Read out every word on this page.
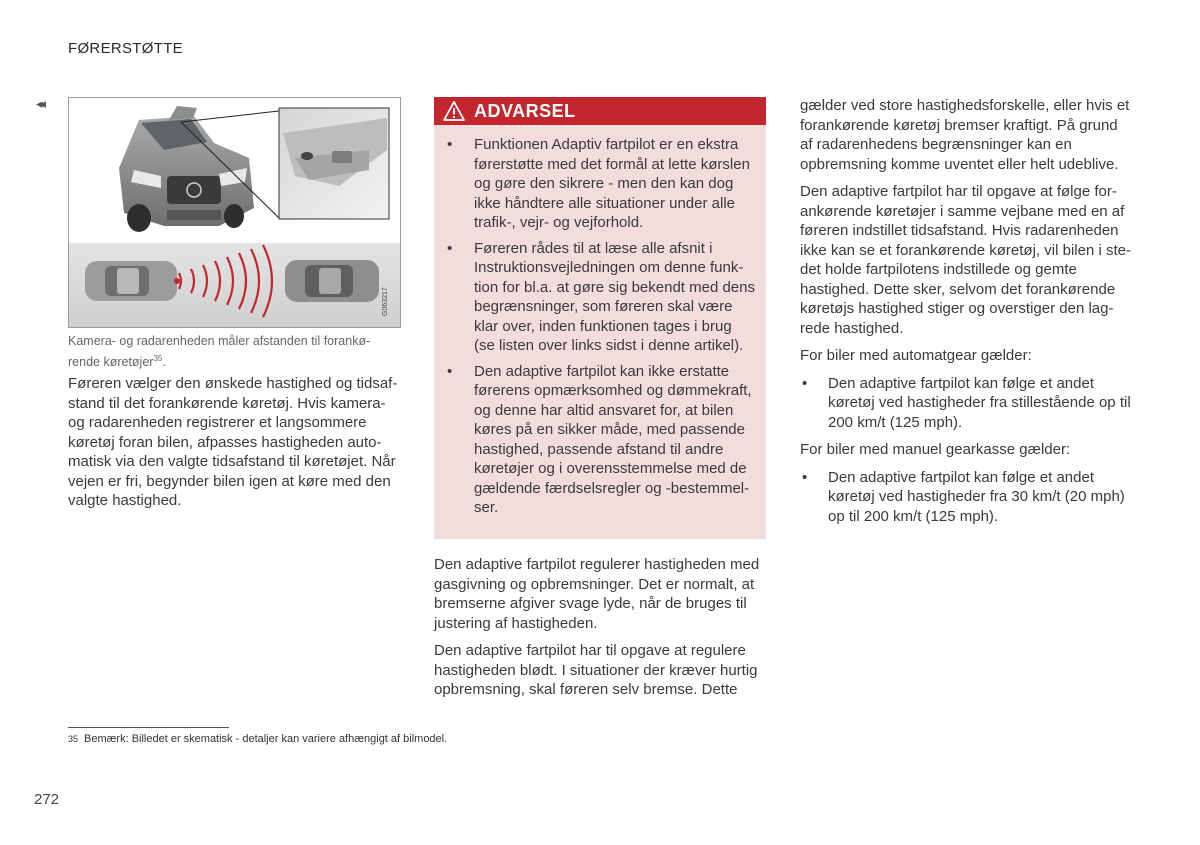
FØRERSTØTTE
◂◂
G063217
Kamera- og radarenheden måler afstanden til forankø-rende køretøjer$^{35}$.

Føreren vælger den ønskede hastighed og tidsaf-stand til det forankørende køretøj. Hvis kamera-og radarenheden registrerer et langsommere køretøj foran bilen, afpasses hastigheden auto-matisk via den valgte tidsafstand til køretøjet. Når vejen er fri, begynder bilen igen at køre med den valgte hastighed.

ADVARSEL
• Funktionen Adaptiv fartpilot er en ekstra førerstøtte med det formål at lette kørslen og gøre den sikrere - men den kan dog ikke håndtere alle situationer under alle trafik-, vejr- og vejforhold.
• Føreren rådes til at læse alle afsnit i Instruktionsvejledningen om denne funk-tion for bl.a. at gøre sig bekendt med dens begrænsninger, som føreren skal være klar over, inden funktionen tages i brug (se listen over links sidst i denne artikel).
• Den adaptive fartpilot kan ikke erstatte førerens opmærksomhed og dømmekraft, og denne har altid ansvaret for, at bilen køres på en sikker måde, med passende hastighed, passende afstand til andre køretøjer og i overensstemmelse med de gældende færdselsregler og -bestemmel-ser.

Den adaptive fartpilot regulerer hastigheden med gasgivning og opbremsninger. Det er normalt, at bremserne afgiver svage lyde, når de bruges til justering af hastigheden.

Den adaptive fartpilot har til opgave at regulere hastigheden blødt. I situationer der kræver hurtig opbremsning, skal føreren selv bremse. Dette

gælder ved store hastighedsforskelle, eller hvis et forankørende køretøj bremser kraftigt. På grund af radarenhedens begrænsninger kan en opbremsning komme uventet eller helt udeblive.

Den adaptive fartpilot har til opgave at følge for-ankørende køretøjer i samme vejbane med en af føreren indstillet tidsafstand. Hvis radarenheden ikke kan se et forankørende køretøj, vil bilen i ste-det holde fartpilotens indstillede og gemte hastighed. Dette sker, selvom det forankørende køretøjs hastighed stiger og overstiger den lag-rede hastighed.

For biler med automatgear gælder:

• Den adaptive fartpilot kan følge et andet køretøj ved hastigheder fra stillestående op til 200 km/t (125 mph).

For biler med manuel gearkasse gælder:

• Den adaptive fartpilot kan følge et andet køretøj ved hastigheder fra 30 km/t (20 mph) op til 200 km/t (125 mph).
35 Bemærk: Billedet er skematisk - detaljer kan variere afhængigt af bilmodel.
272
